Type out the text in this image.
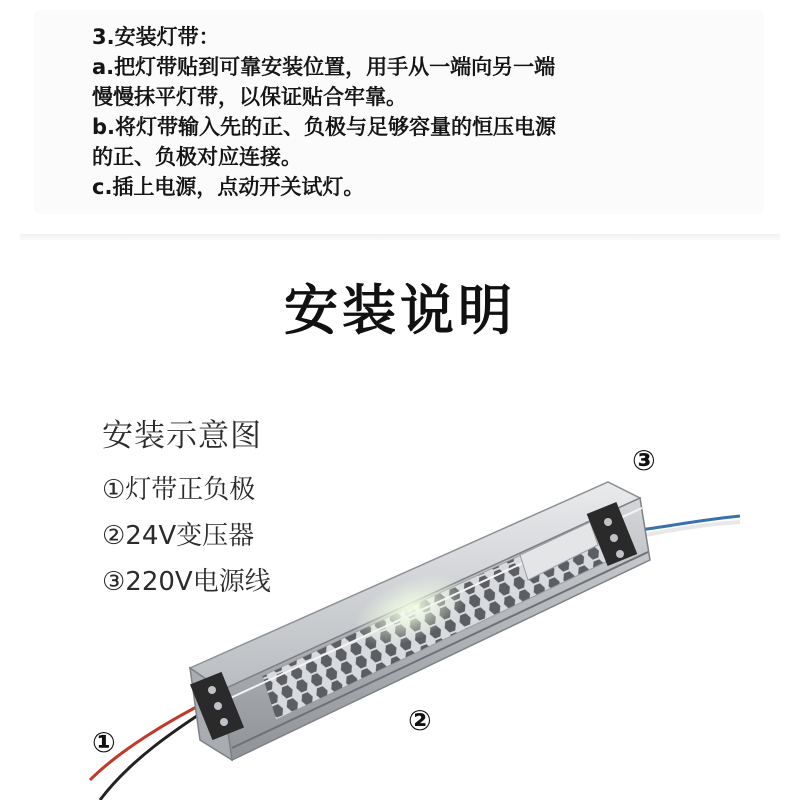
3.安装灯带：
a.把灯带贴到可靠安装位置，用手从一端向另一端
慢慢抹平灯带，以保证贴合牢靠。
b.将灯带输入先的正、负极与足够容量的恒压电源
的正、负极对应连接。
c.插上电源，点动开关试灯。
安装说明
安装示意图
①灯带正负极
②24V变压器
③220V电源线
①
②
③
